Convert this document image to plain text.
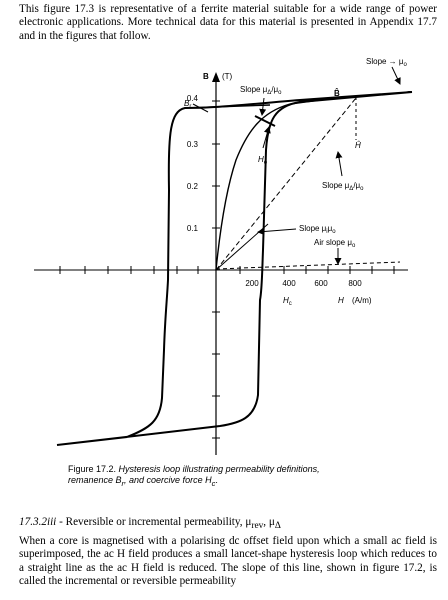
This figure 17.3 is representative of a ferrite material suitable for a wide range of power electronic applications. More technical data for this material is presented in Appendix 17.7 and in the figures that follow.

0.4
0.3
0.2
0.1
B (T)
200	400 600	800
H (A/m)
Slope → $\mu_o$
Slope $\mu_\Delta/\mu_o$	B̂
Ĥ
$B_r$
$H_o$
Slope $\mu_\Delta/\mu_o$
Slope $\mu_i\mu_o$
Air slope $\mu_o$
$H_c$
Figure 17.2. Hysteresis loop illustrating permeability definitions,
remanence $B_r$, and coercive force $H_c$.
17.3.2iii - Reversible or incremental permeability, $\mu_{rev}$, $\mu_\Delta$

When a core is magnetised with a polarising dc offset field upon which a small ac field is superimposed, the ac H field produces a small lancet-shape hysteresis loop which reduces to a straight line as the ac H field is reduced. The slope of this line, shown in figure 17.2, is called the incremental or reversible permeability
